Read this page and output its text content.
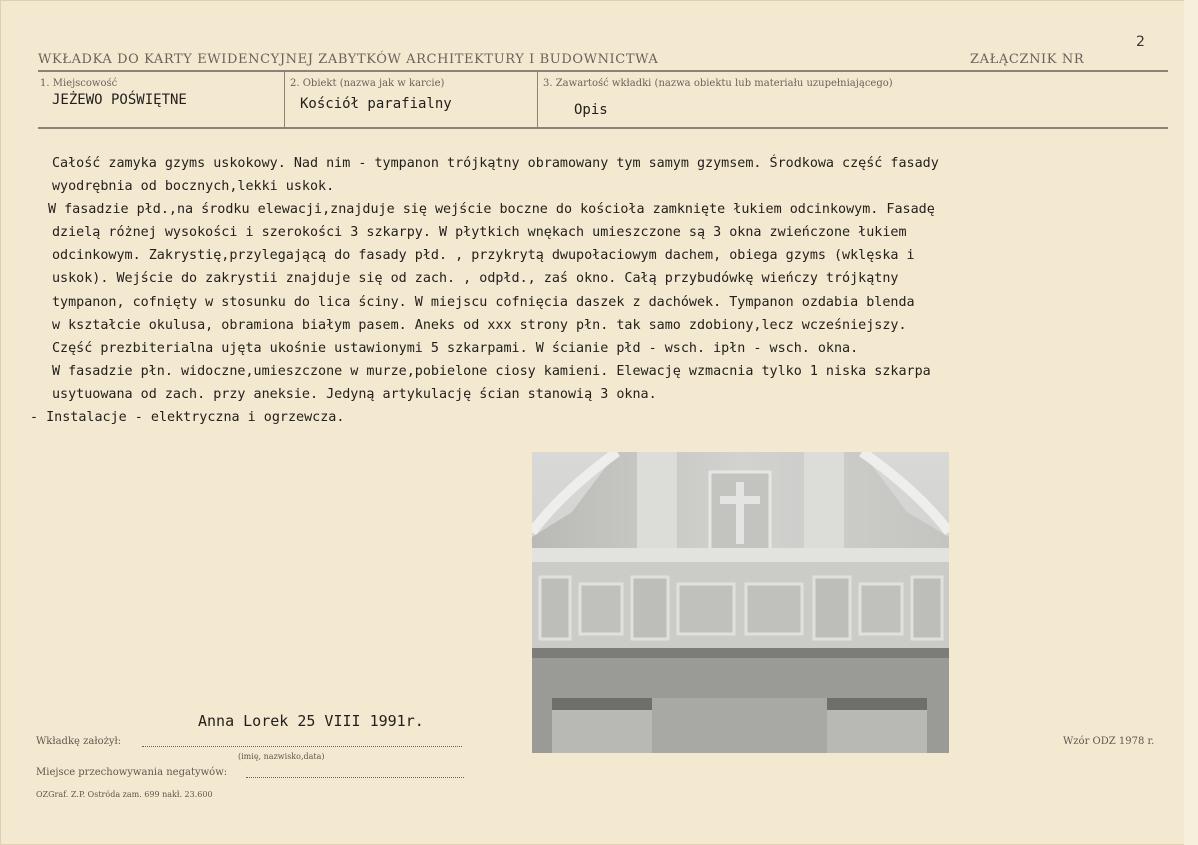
2
WKŁADKA DO KARTY EWIDENCYJNEJ ZABYTKÓW ARCHITEKTURY I BUDOWNICTWA	ZAŁĄCZNIK NR
1. Miejscowość
JEŻEWO POŚWIĘTNE
2. Obiekt (nazwa jak w karcie)
Kościół parafialny
3. Zawartość wkładki (nazwa obiektu lub materiału uzupełniającego)
Opis
Całość zamyka gzyms uskokowy. Nad nim - tympanon trójkątny obramowany tym samym gzymsem. Środkowa część fasady
wyodrębnia od bocznych,lekki uskok.
W fasadzie płd.,na środku elewacji,znajduje się wejście boczne do kościoła zamknięte łukiem odcinkowym. Fasadę
dzielą różnej wysokości i szerokości 3 szkarpy. W płytkich wnękach umieszczone są 3 okna zwieńczone łukiem
odcinkowym. Zakrystię,przylegającą do fasady płd. , przykrytą dwupołaciowym dachem, obiega gzyms (wklęska i
uskok). Wejście do zakrystii znajduje się od zach. , odpłd., zaś okno. Całą przybudówkę wieńczy trójkątny
tympanon, cofnięty w stosunku do lica ściny. W miejscu cofnięcia daszek z dachówek. Tympanon ozdabia blenda
w kształcie okulusa, obramiona białym pasem. Aneks od xxx strony płn. tak samo zdobiony,lecz wcześniejszy.
Część prezbiterialna ujęta ukośnie ustawionymi 5 szkarpami. W ścianie płd - wsch. ipłn - wsch. okna.
W fasadzie płn. widoczne,umieszczone w murze,pobielone ciosy kamieni. Elewację wzmacnia tylko 1 niska szkarpa
usytuowana od zach. przy aneksie. Jedyną artykulację ścian stanowią 3 okna.
- Instalacje - elektryczna i ogrzewcza.
Anna Lorek 25 VIII 1991r.
Wkładkę założył:
(imię, nazwisko,data)
Miejsce przechowywania negatywów:
OZGraf. Z.P. Ostróda zam. 699 nakł. 23.600
Wzór ODZ 1978 r.
